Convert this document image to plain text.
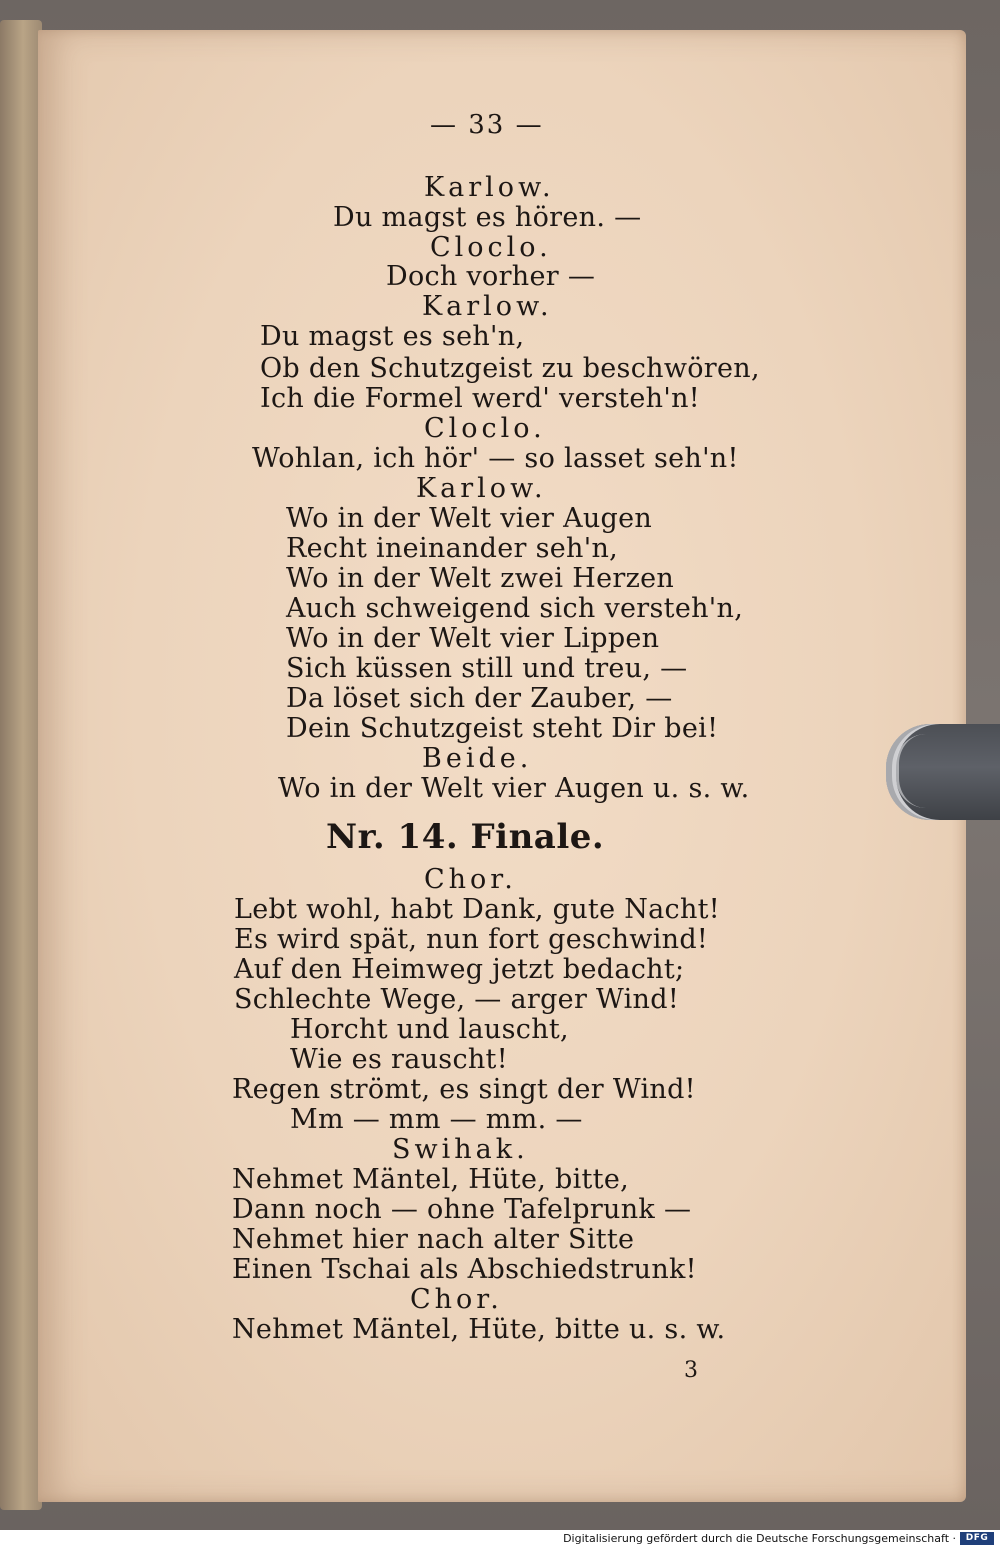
— 33 —
Karlow.
Du magst es hören. —
Cloclo.
Doch vorher —
Karlow.
Du magst es seh'n,
Ob den Schutzgeist zu beschwören,
Ich die Formel werd' versteh'n!
Cloclo.
Wohlan, ich hör' — so lasset seh'n!
Karlow.
Wo in der Welt vier Augen
Recht ineinander seh'n,
Wo in der Welt zwei Herzen
Auch schweigend sich versteh'n,
Wo in der Welt vier Lippen
Sich küssen still und treu, —
Da löset sich der Zauber, —
Dein Schutzgeist steht Dir bei!
Beide.
Wo in der Welt vier Augen u. s. w.
Nr. 14. Finale.
Chor.
Lebt wohl, habt Dank, gute Nacht!
Es wird spät, nun fort geschwind!
Auf den Heimweg jetzt bedacht;
Schlechte Wege, — arger Wind!
Horcht und lauscht,
Wie es rauscht!
Regen strömt, es singt der Wind!
Mm — mm — mm. —
Swihak.
Nehmet Mäntel, Hüte, bitte,
Dann noch — ohne Tafelprunk —
Nehmet hier nach alter Sitte
Einen Tschai als Abschiedstrunk!
Chor.
Nehmet Mäntel, Hüte, bitte u. s. w.
3
Digitalisierung gefördert durch die Deutsche Forschungsgemeinschaft ·	DFG
